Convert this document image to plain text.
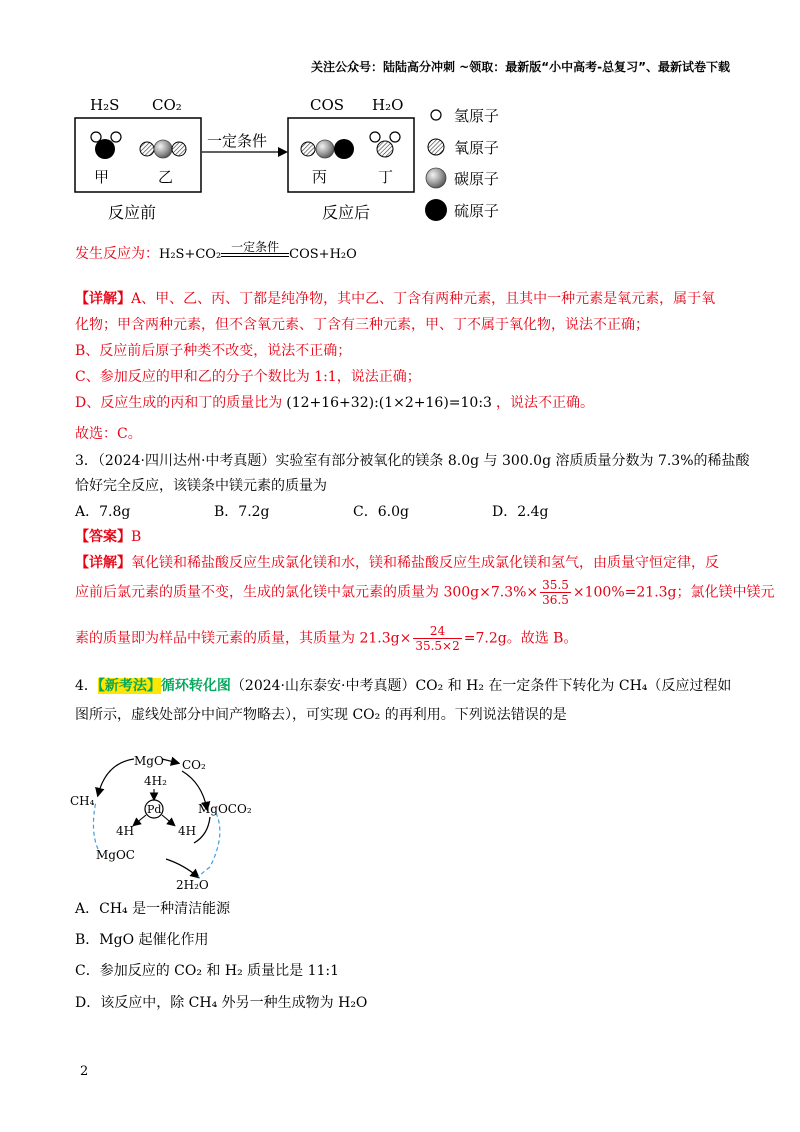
关注公众号：陆陆高分冲刺 ~领取：最新版“小中高考-总复习”、最新试卷下载
H₂S CO₂
甲	乙
反应前
一定条件
COS H₂O
丙	丁
反应后
氢原子
氧原子
碳原子
硫原子
发生反应为：H₂S+CO₂ 一定条件 COS+H₂O
【详解】A、甲、乙、丙、丁都是纯净物，其中乙、丁含有两种元素，且其中一种元素是氧元素，属于氧
化物；甲含两种元素，但不含氧元素、丁含有三种元素，甲、丁不属于氧化物，说法不正确；
B、反应前后原子种类不改变，说法不正确；
C、参加反应的甲和乙的分子个数比为 1:1，说法正确；
D、反应生成的丙和丁的质量比为 (12+16+32):(1×2+16)=10:3 ，说法不正确。
故选：C。
3．（2024·四川达州·中考真题）实验室有部分被氧化的镁条 8.0g 与 300.0g 溶质质量分数为 7.3%的稀盐酸
恰好完全反应，该镁条中镁元素的质量为
A．7.8g	B．7.2g	C．6.0g	D．2.4g
【答案】B
【详解】氧化镁和稀盐酸反应生成氯化镁和水，镁和稀盐酸反应生成氯化镁和氢气，由质量守恒定律，反
应前后氯元素的质量不变，生成的氯化镁中氯元素的质量为 $300g\times 7.3\%\times \frac{35.5}{36.5} \times 100\%=21.3g$；氯化镁中镁元
素的质量即为样品中镁元素的质量，其质量为 $21.3g\times \frac{24}{35.5\times 2} =7.2g$。故选 B。
4．【新考法】循环转化图（2024·山东泰安·中考真题）CO₂ 和 H₂ 在一定条件下转化为 CH₄（反应过程如
图所示，虚线处部分中间产物略去），可实现 CO₂ 的再利用。下列说法错误的是
CH₄
MgO CO₂
4H₂
Pd	MgOCO₂
4H	4H
MgOC
2H₂O
A．CH₄ 是一种清洁能源
B．MgO 起催化作用
C．参加反应的 CO₂ 和 H₂ 质量比是 11:1
D．该反应中，除 CH₄ 外另一种生成物为 H₂O
2
